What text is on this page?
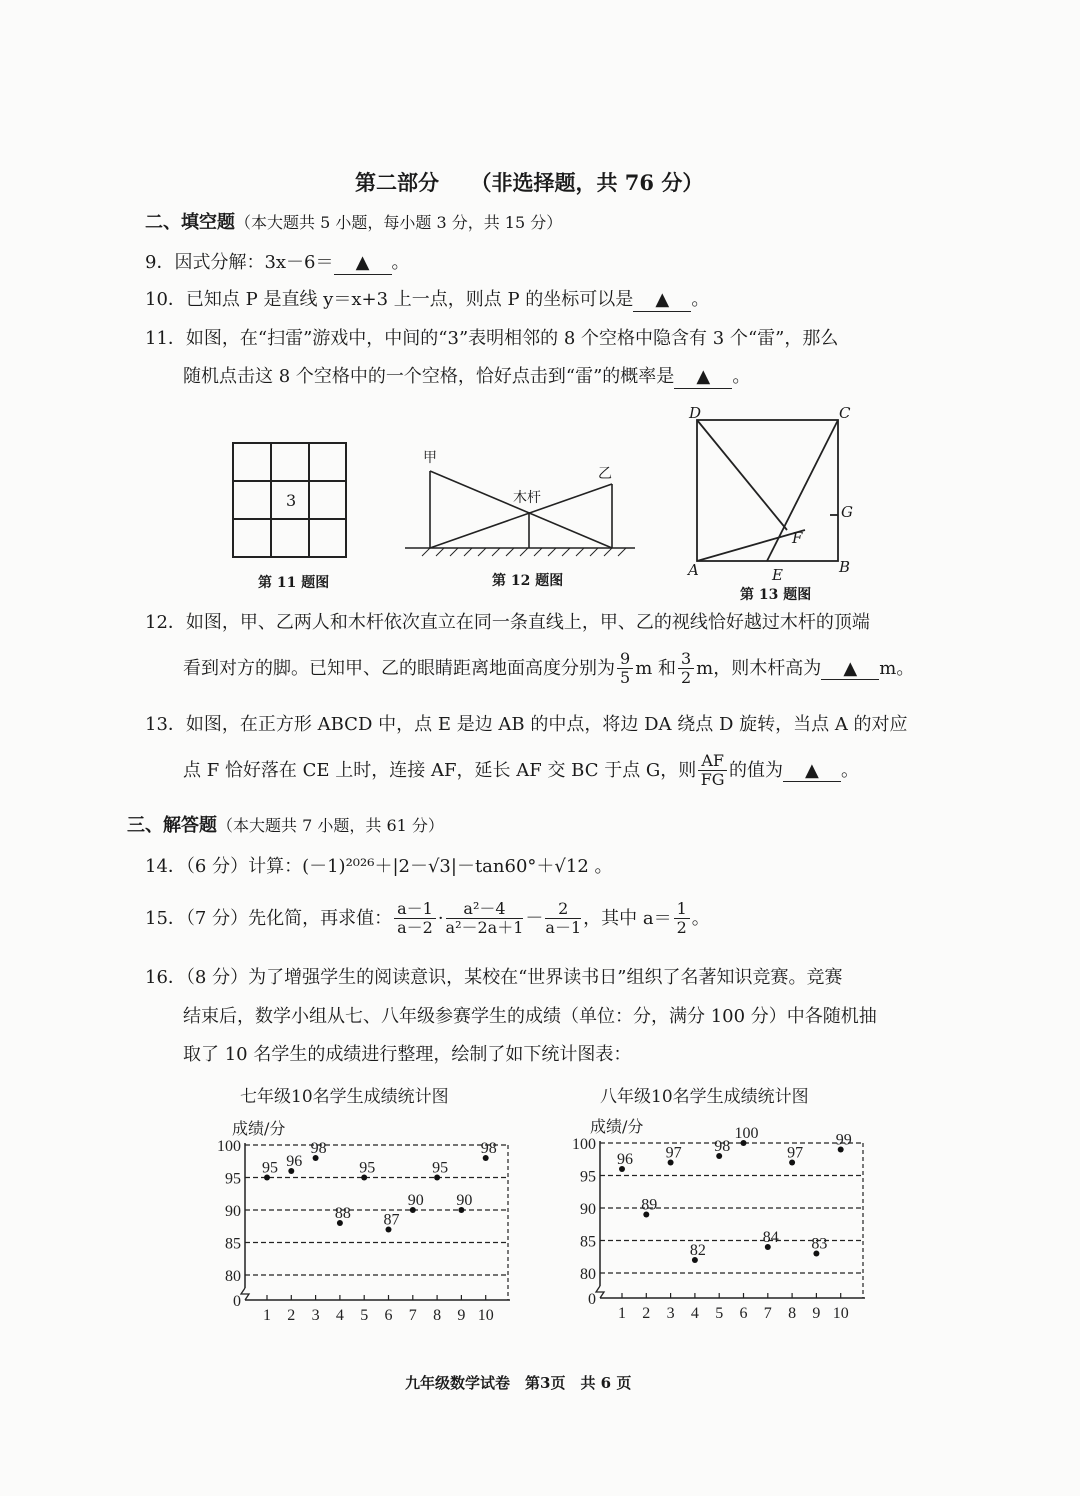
第二部分　　 （非选择题，共 76 分）
二、填空题（本大题共 5 小题，每小题 3 分，共 15 分）
9．因式分解：3x－6＝ ▲ 。
10．已知点 P 是直线 y＝x+3 上一点，则点 P 的坐标可以是 ▲ 。
11．如图，在“扫雷”游戏中，中间的“3”表明相邻的 8 个空格中隐含有 3 个“雷”，那么
随机点击这 8 个空格中的一个空格，恰好点击到“雷”的概率是 ▲ 。
3
第 11 题图
甲
乙
木杆
第 12 题图
D	C
G
F
A	E	B
第 13 题图
12．如图，甲、乙两人和木杆依次直立在同一条直线上，甲、乙的视线恰好越过木杆的顶端
看到对方的脚。已知甲、乙的眼睛距离地面高度分别为 $\frac{9}{5}$ m 和 $\frac{3}{2}$ m，则木杆高为 ▲ m。
13．如图，在正方形 ABCD 中，点 E 是边 AB 的中点，将边 DA 绕点 D 旋转，当点 A 的对应
点 F 恰好落在 CE 上时，连接 AF，延长 AF 交 BC 于点 G，则 $\frac{AF}{FG}$ 的值为 ▲ 。
三、解答题（本大题共 7 小题，共 61 分）
14．（6 分）计算：(－1)²⁰²⁶＋|2－√3|－tan60°＋√12 。
15．（7 分）先化简，再求值： $\frac{a-1}{a-2} \cdot \frac{\text{a²－4}}{\text{a²－2a＋1}} - \frac{2}{a-1}$ ，其中 $a= \frac{1}{2}$ 。
16．（8 分）为了增强学生的阅读意识，某校在“世界读书日”组织了名著知识竞赛。竞赛
结束后，数学小组从七、八年级参赛学生的成绩（单位：分，满分 100 分）中各随机抽
取了 10 名学生的成绩进行整理，绘制了如下统计图表：
七年级10名学生成绩统计图	八年级10名学生成绩统计图
成绩/分	成绩/分
0
80
85
90
95
100
1
95
2
96
3
98
4
88
5
95
6
87
7
90
8
95
9
90
10
98
0
80
85
90
95
100
1
96
2
89
3
97
4
82
5
98
6
100
7
84
8
97
9
83
10
99
九年级数学试卷　第3页　共 6 页
